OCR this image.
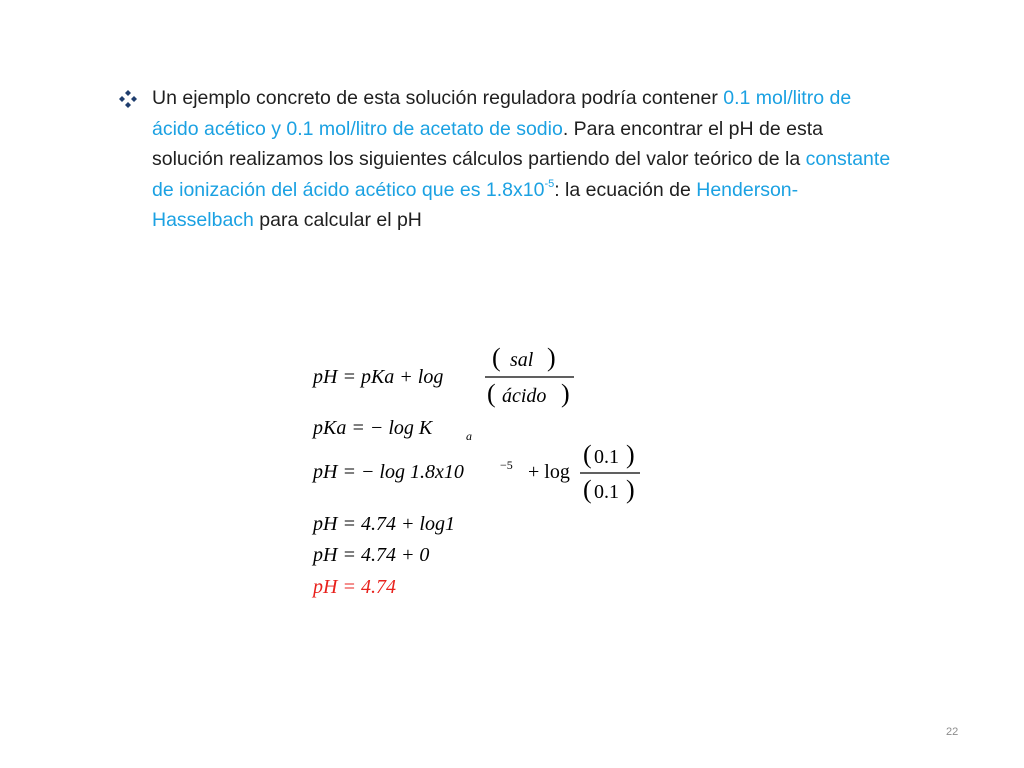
Un ejemplo concreto de esta solución reguladora podría contener 0.1 mol/litro de ácido acético y 0.1 mol/litro de acetato de sodio. Para encontrar el pH de esta solución realizamos los siguientes cálculos partiendo del valor teórico de la constante de ionización del ácido acético que es $1.8x10^{-5}$: la ecuación de Henderson-Hasselbach para calcular el pH
pH = pKa + log
( sal )
( ácido )
pKa = − log K	a
pH = − log 1.8x10	−5 + log
( 0.1 )
( 0.1 )
pH = 4.74 + log1
pH = 4.74 + 0
pH = 4.74
22
